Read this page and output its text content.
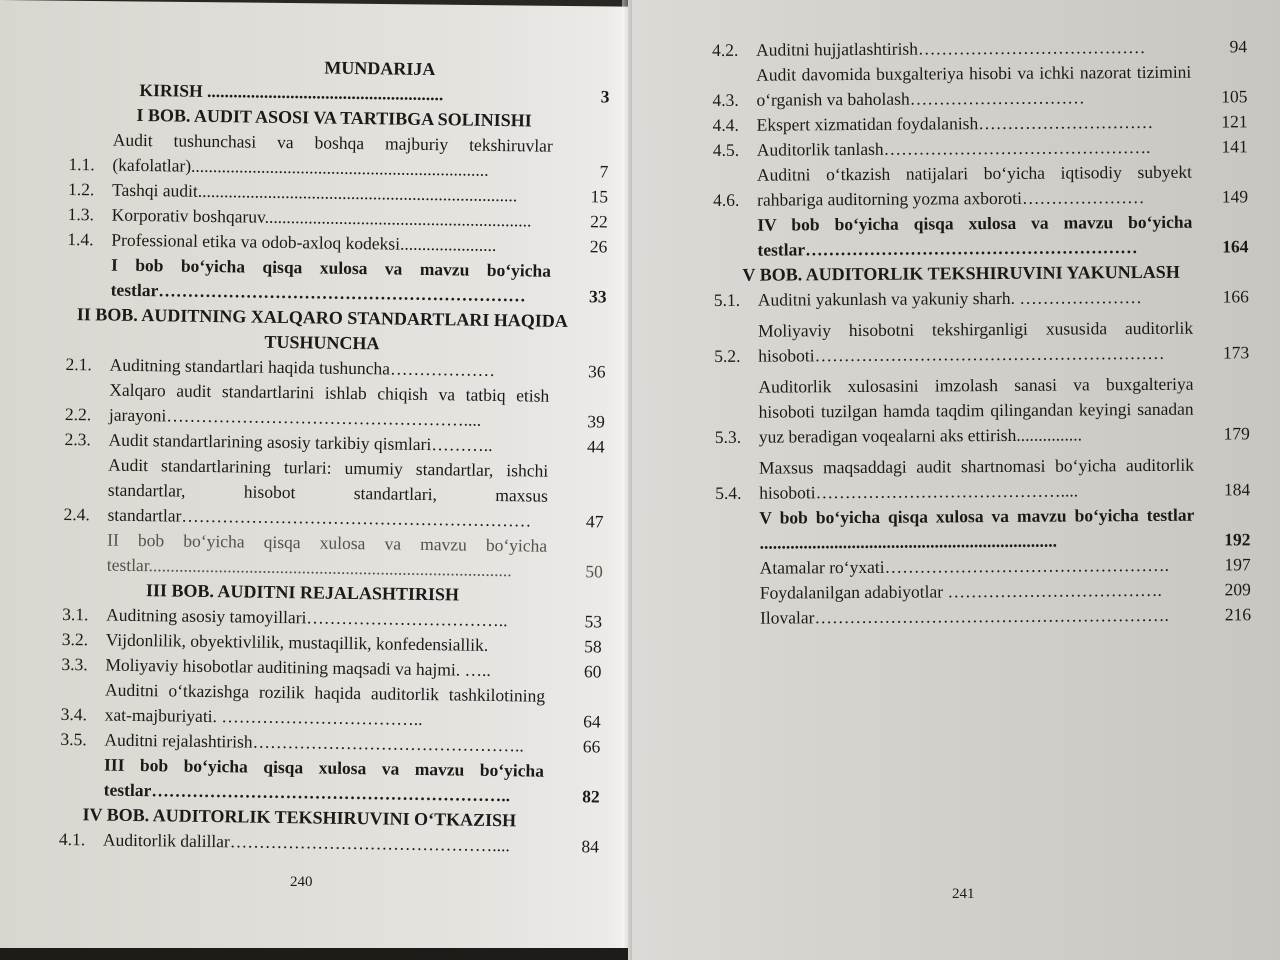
MUNDARIJA
KIRISH ......................................................	3
I BOB. AUDIT ASOSI VA TARTIBGA SOLINISHI
1.1.
Audit tushunchasi va boshqa majburiy tekshiruvlar (kafolatlar)....................................................................	7
1.2. Tashqi audit.........................................................................	15
1.3. Korporativ boshqaruv.............................................................	22
1.4. Professional etika va odob-axloq kodeksi......................	26
I bob bo‘yicha qisqa xulosa va mavzu bo‘yicha testlar………………………………………………………	33
II BOB. AUDITNING XALQARO STANDARTLARI HAQIDA TUSHUNCHA
2.1. Auditning standartlari haqida tushuncha………………	36
2.2.
Xalqaro audit standartlarini ishlab chiqish va tatbiq etish jarayoni……………………………………………....	39
2.3. Audit standartlarining asosiy tarkibiy qismlari………..	44
2.4.
Audit standartlarining turlari: umumiy standartlar, ishchi standartlar, hisobot standartlari, maxsus standartlar……………………………………………………	47
II bob bo‘yicha qisqa xulosa va mavzu bo‘yicha testlar...................................................................................	50
III BOB. AUDITNI REJALASHTIRISH
3.1. Auditning asosiy tamoyillari……………………………..	53
3.2. Vijdonlilik, obyektivlilik, mustaqillik, konfedensiallik.	58
3.3. Moliyaviy hisobotlar auditining maqsadi va hajmi. …..	60
3.4.
Auditni o‘tkazishga rozilik haqida auditorlik tashkilotining xat-majburiyati. ……………………………..	64
3.5. Auditni rejalashtirish………………………………………..	66
III bob bo‘yicha qisqa xulosa va mavzu bo‘yicha testlar……………………………………………………..	82
IV BOB. AUDITORLIK TEKSHIRUVINI O‘TKAZISH
4.1. Auditorlik dalillar………………………………………....	84
240
4.2.	Auditni hujjatlashtirish…………………………………	94
4.3.
Audit davomida buxgalteriya hisobi va ichki nazorat tizimini o‘rganish va baholash…………………………	105
4.4.	Ekspert xizmatidan foydalanish…………………………	121
4.5.	Auditorlik tanlash……………………………………….	141
4.6.
Auditni o‘tkazish natijalari bo‘yicha iqtisodiy subyekt rahbariga auditorning yozma axboroti…………………	149
IV bob bo‘yicha qisqa xulosa va mavzu bo‘yicha testlar…………………………………………………	164
V BOB. AUDITORLIK TEKSHIRUVINI YAKUNLASH
5.1.	Auditni yakunlash va yakuniy sharh. …………………	166
5.2.
Moliyaviy hisobotni tekshirganligi xususida auditorlik hisoboti……………………………………………………	173
5.3.
Auditorlik xulosasini imzolash sanasi va buxgalteriya hisoboti tuzilgan hamda taqdim qilingandan keyingi sanadan yuz beradigan voqealarni aks ettirish...............	179
5.4.
Maxsus maqsaddagi audit shartnomasi bo‘yicha auditorlik hisoboti……………………………………....	184
V bob bo‘yicha qisqa xulosa va mavzu bo‘yicha testlar ....................................................................	192
Atamalar ro‘yxati………………………………………….	197
Foydalanilgan adabiyotlar ……………………………….	209
Ilovalar…………………………………………………….	216
241
